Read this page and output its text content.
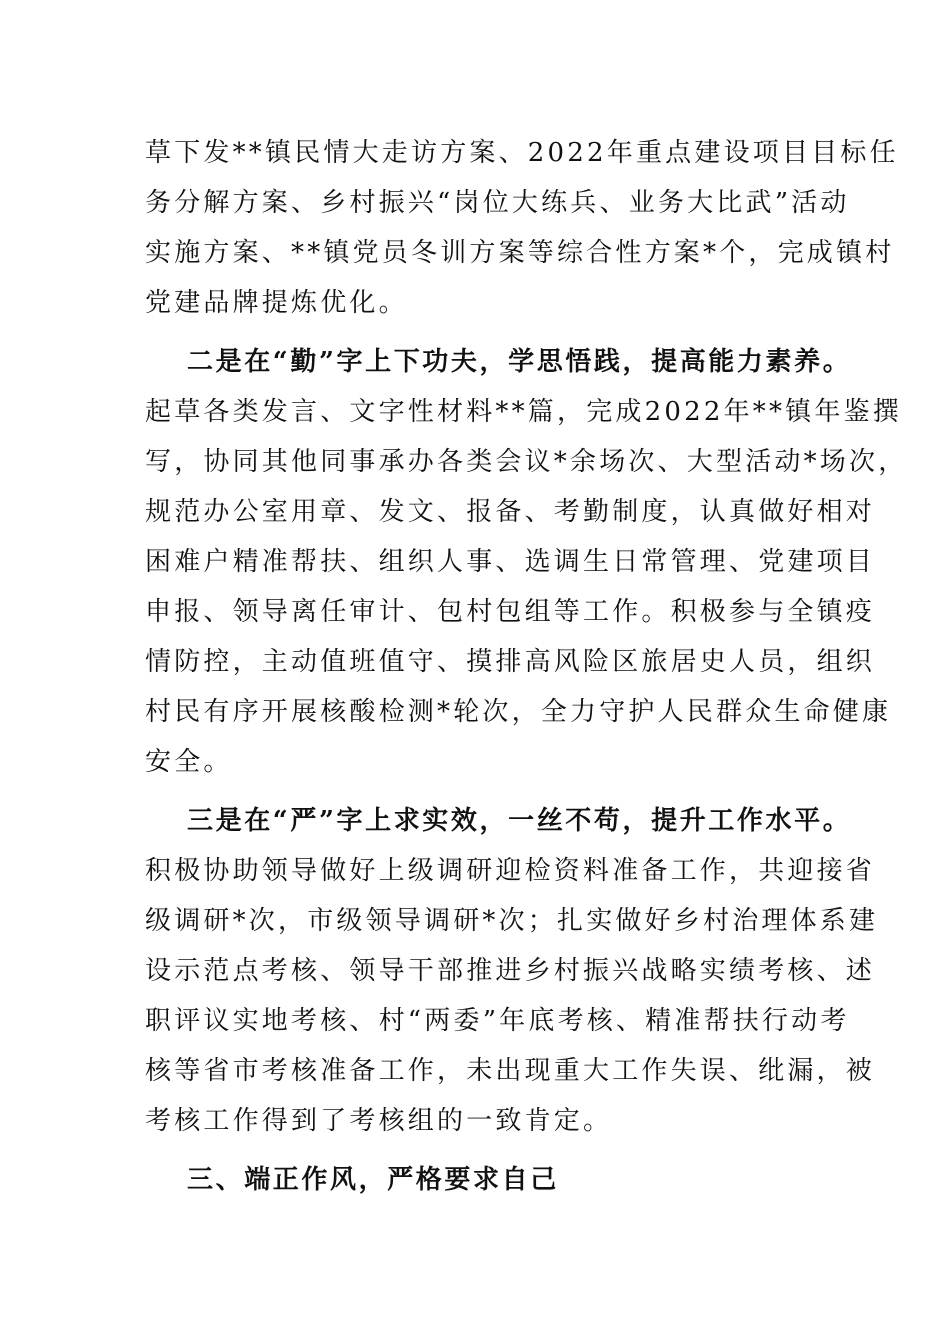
草下发**镇民情大走访方案、2022年重点建设项目目标任
务分解方案、乡村振兴“岗位大练兵、业务大比武”活动
实施方案、**镇党员冬训方案等综合性方案*个，完成镇村
党建品牌提炼优化。
二是在“勤”字上下功夫，学思悟践，提高能力素养。
起草各类发言、文字性材料**篇，完成2022年**镇年鉴撰
写，协同其他同事承办各类会议*余场次、大型活动*场次，
规范办公室用章、发文、报备、考勤制度，认真做好相对
困难户精准帮扶、组织人事、选调生日常管理、党建项目
申报、领导离任审计、包村包组等工作。积极参与全镇疫
情防控，主动值班值守、摸排高风险区旅居史人员，组织
村民有序开展核酸检测*轮次，全力守护人民群众生命健康
安全。
三是在“严”字上求实效，一丝不苟，提升工作水平。
积极协助领导做好上级调研迎检资料准备工作，共迎接省
级调研*次，市级领导调研*次；扎实做好乡村治理体系建
设示范点考核、领导干部推进乡村振兴战略实绩考核、述
职评议实地考核、村“两委”年底考核、精准帮扶行动考
核等省市考核准备工作，未出现重大工作失误、纰漏，被
考核工作得到了考核组的一致肯定。
三、端正作风，严格要求自己
